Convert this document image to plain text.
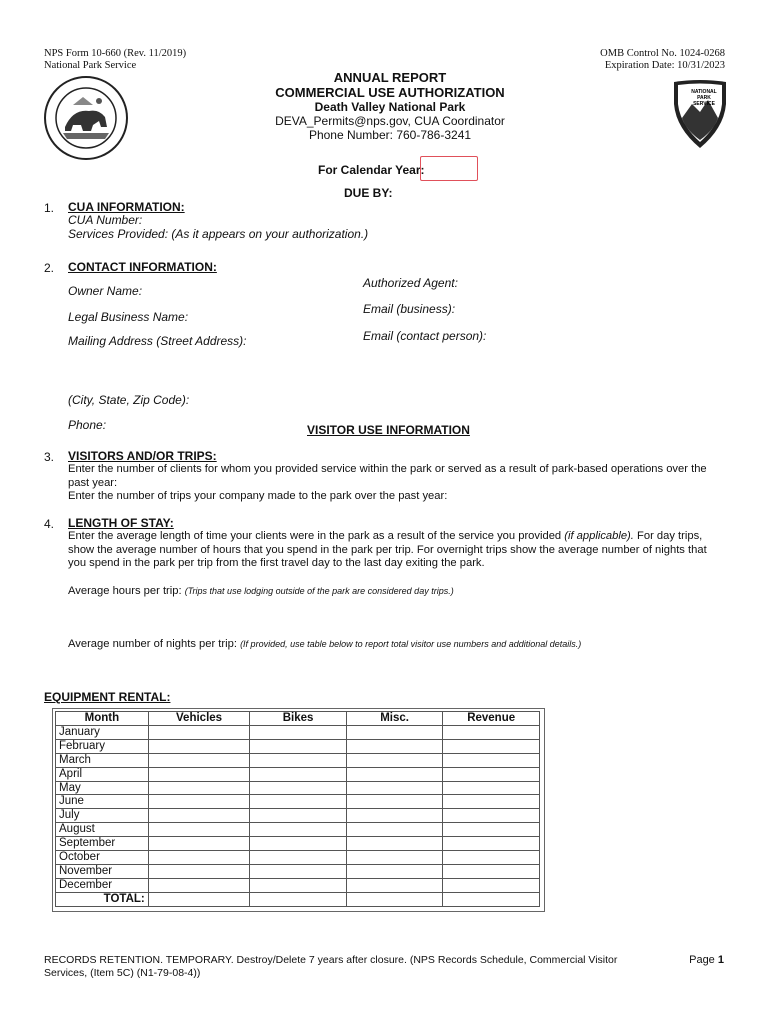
NPS Form 10-660 (Rev. 11/2019)
National Park Service
OMB Control No. 1024-0268
Expiration Date: 10/31/2023
NATIONAL
PARK
SERVICE
ANNUAL REPORT
COMMERCIAL USE AUTHORIZATION
Death Valley National Park
DEVA_Permits@nps.gov, CUA Coordinator
Phone Number: 760-786-3241
For Calendar Year:
DUE BY:
1. CUA INFORMATION:
CUA Number:
Services Provided: (As it appears on your authorization.)
2. CONTACT INFORMATION:
Owner Name:
Legal Business Name:
Mailing Address (Street Address):
(City, State, Zip Code):
Phone:
Authorized Agent:
Email (business):
Email (contact person):
VISITOR USE INFORMATION
3. VISITORS AND/OR TRIPS:
Enter the number of clients for whom you provided service within the park or served as a result of park-based operations over the past year:
Enter the number of trips your company made to the park over the past year:
4. LENGTH OF STAY:
Enter the average length of time your clients were in the park as a result of the service you provided (if applicable). For day trips, show the average number of hours that you spend in the park per trip. For overnight trips show the average number of nights that you spend in the park per trip from the first travel day to the last day exiting the park.
Average hours per trip: (Trips that use lodging outside of the park are considered day trips.)
Average number of nights per trip: (If provided, use table below to report total visitor use numbers and additional details.)
EQUIPMENT RENTAL:
Month	Vehicles	Bikes	Misc.	Revenue
January				
February				
March				
April				
May				
June				
July				
August				
September				
October				
November				
December				
TOTAL:				
RECORDS RETENTION. TEMPORARY. Destroy/Delete 7 years after closure. (NPS Records Schedule, Commercial Visitor Services, (Item 5C) (N1-79-08-4))
Page 1
